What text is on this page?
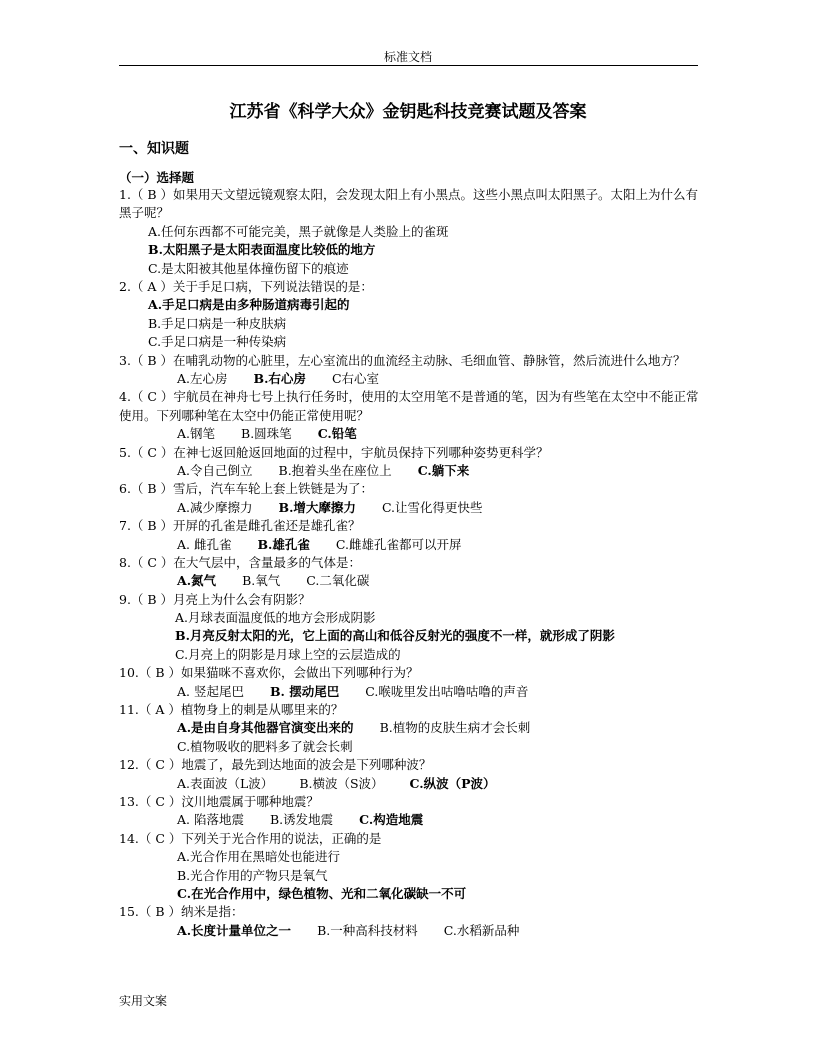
标准文档
江苏省《科学大众》金钥匙科技竞赛试题及答案
一、知识题
（一）选择题
1.（ B ）如果用天文望远镜观察太阳，会发现太阳上有小黑点。这些小黑点叫太阳黑子。太阳上为什么有黑子呢？
A.任何东西都不可能完美，黑子就像是人类脸上的雀斑
B.太阳黑子是太阳表面温度比较低的地方
C.是太阳被其他星体撞伤留下的痕迹
2.（ A ）关于手足口病，下列说法错误的是：
A.手足口病是由多种肠道病毒引起的
B.手足口病是一种皮肤病
C.手足口病是一种传染病
3.（ B ）在哺乳动物的心脏里，左心室流出的血流经主动脉、毛细血管、静脉管，然后流进什么地方？
A.左心房 B.右心房 C右心室
4.（ C ）宇航员在神舟七号上执行任务时，使用的太空用笔不是普通的笔，因为有些笔在太空中不能正常使用。下列哪种笔在太空中仍能正常使用呢？
A.钢笔 B.圆珠笔 C.铅笔
5.（ C ）在神七返回舱返回地面的过程中，宇航员保持下列哪种姿势更科学？
A.令自己倒立 B.抱着头坐在座位上 C.躺下来
6.（ B ）雪后，汽车车轮上套上铁链是为了：
A.减少摩擦力 B.增大摩擦力 C.让雪化得更快些
7.（ B ）开屏的孔雀是雌孔雀还是雄孔雀？
A. 雌孔雀 B.雄孔雀 C.雌雄孔雀都可以开屏
8.（ C ）在大气层中，含量最多的气体是：
A.氮气 B.氧气 C.二氧化碳
9.（ B ）月亮上为什么会有阴影？
A.月球表面温度低的地方会形成阴影
B.月亮反射太阳的光，它上面的高山和低谷反射光的强度不一样，就形成了阴影
C.月亮上的阴影是月球上空的云层造成的
10.（ B ）如果猫咪不喜欢你，会做出下列哪种行为？
A. 竖起尾巴 B. 摆动尾巴 C.喉咙里发出咕噜咕噜的声音
11.（ A ）植物身上的刺是从哪里来的？
A.是由自身其他器官演变出来的 B.植物的皮肤生病才会长刺
C.植物吸收的肥料多了就会长刺
12.（ C ）地震了，最先到达地面的波会是下列哪种波？
A.表面波（L波） B.横波（S波） C.纵波（P波）
13.（ C ）汶川地震属于哪种地震？
A. 陷落地震 B.诱发地震 C.构造地震
14.（ C ）下列关于光合作用的说法，正确的是
A.光合作用在黑暗处也能进行
B.光合作用的产物只是氧气
C.在光合作用中，绿色植物、光和二氧化碳缺一不可
15.（ B ）纳米是指：
A.长度计量单位之一 B.一种高科技材料 C.水稻新品种
实用文案
